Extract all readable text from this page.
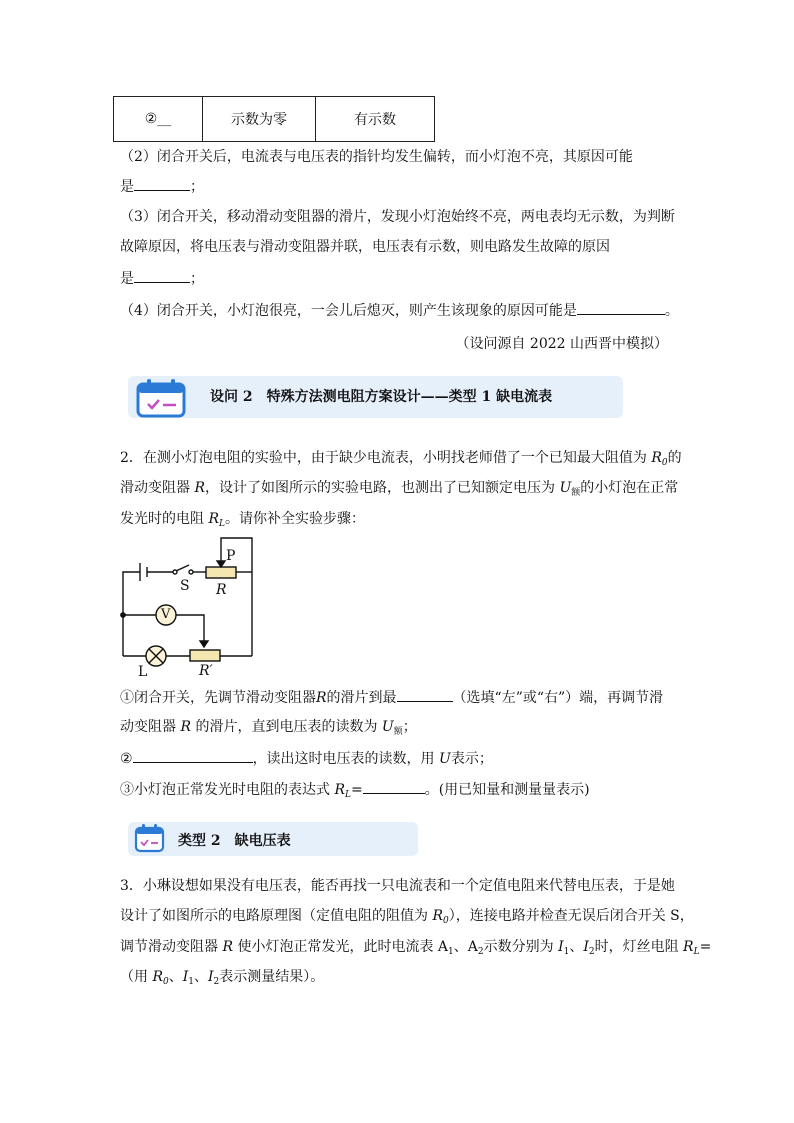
②__	示数为零	有示数
（2）闭合开关后，电流表与电压表的指针均发生偏转，而小灯泡不亮，其原因可能
是	；
（3）闭合开关，移动滑动变阻器的滑片，发现小灯泡始终不亮，两电表均无示数，为判断
故障原因，将电压表与滑动变阻器并联，电压表有示数，则电路发生故障的原因
是	；
（4）闭合开关，小灯泡很亮，一会儿后熄灭，则产生该现象的原因可能是	。
（设问源自 2022 山西晋中模拟）
设问 2　特殊方法测电阻方案设计——类型 1 缺电流表
2．在测小灯泡电阻的实验中，由于缺少电流表，小明找老师借了一个已知最大阻值为 $R_0$的
滑动变阻器 R，设计了如图所示的实验电路，也测出了已知额定电压为 $U_额$的小灯泡在正常
发光时的电阻 $R_L$。请你补全实验步骤：
P
S R
V
L	R′
①闭合开关，先调节滑动变阻器R的滑片到最	（选填“左”或“右”）端，再调节滑
动变阻器 R 的滑片，直到电压表的读数为 $U_额$；
②	，读出这时电压表的读数，用 U表示；
③小灯泡正常发光时电阻的表达式 $R_L=$	。(用已知量和测量量表示)
类型 2　缺电压表
3．小琳设想如果没有电压表，能否再找一只电流表和一个定值电阻来代替电压表，于是她
设计了如图所示的电路原理图（定值电阻的阻值为 $R_0$），连接电路并检查无误后闭合开关 S，
调节滑动变阻器 R 使小灯泡正常发光，此时电流表 $A_1$、$A_2$示数分别为 $I_1$、$I_2$时，灯丝电阻 $R_L=$
（用 $R_0$、$I_1$、$I_2$表示测量结果）。
